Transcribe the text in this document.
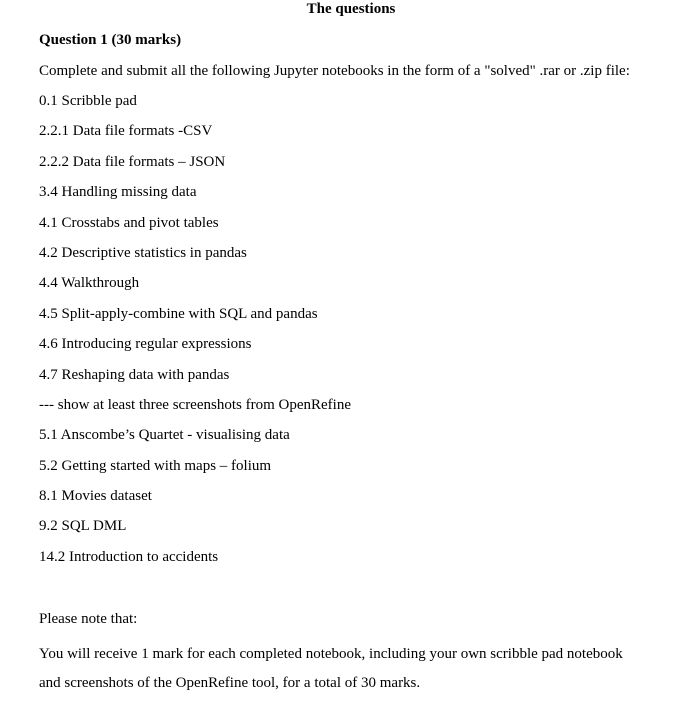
The questions
Question 1 (30 marks)
Complete and submit all the following Jupyter notebooks in the form of a "solved" .rar or .zip file:
0.1 Scribble pad
2.2.1 Data file formats -CSV
2.2.2 Data file formats – JSON
3.4 Handling missing data
4.1 Crosstabs and pivot tables
4.2 Descriptive statistics in pandas
4.4 Walkthrough
4.5 Split-apply-combine with SQL and pandas
4.6 Introducing regular expressions
4.7 Reshaping data with pandas
--- show at least three screenshots from OpenRefine
5.1 Anscombe’s Quartet - visualising data
5.2 Getting started with maps – folium
8.1 Movies dataset
9.2 SQL DML
14.2 Introduction to accidents
Please note that:

You will receive 1 mark for each completed notebook, including your own scribble pad notebook and screenshots of the OpenRefine tool, for a total of 30 marks.
